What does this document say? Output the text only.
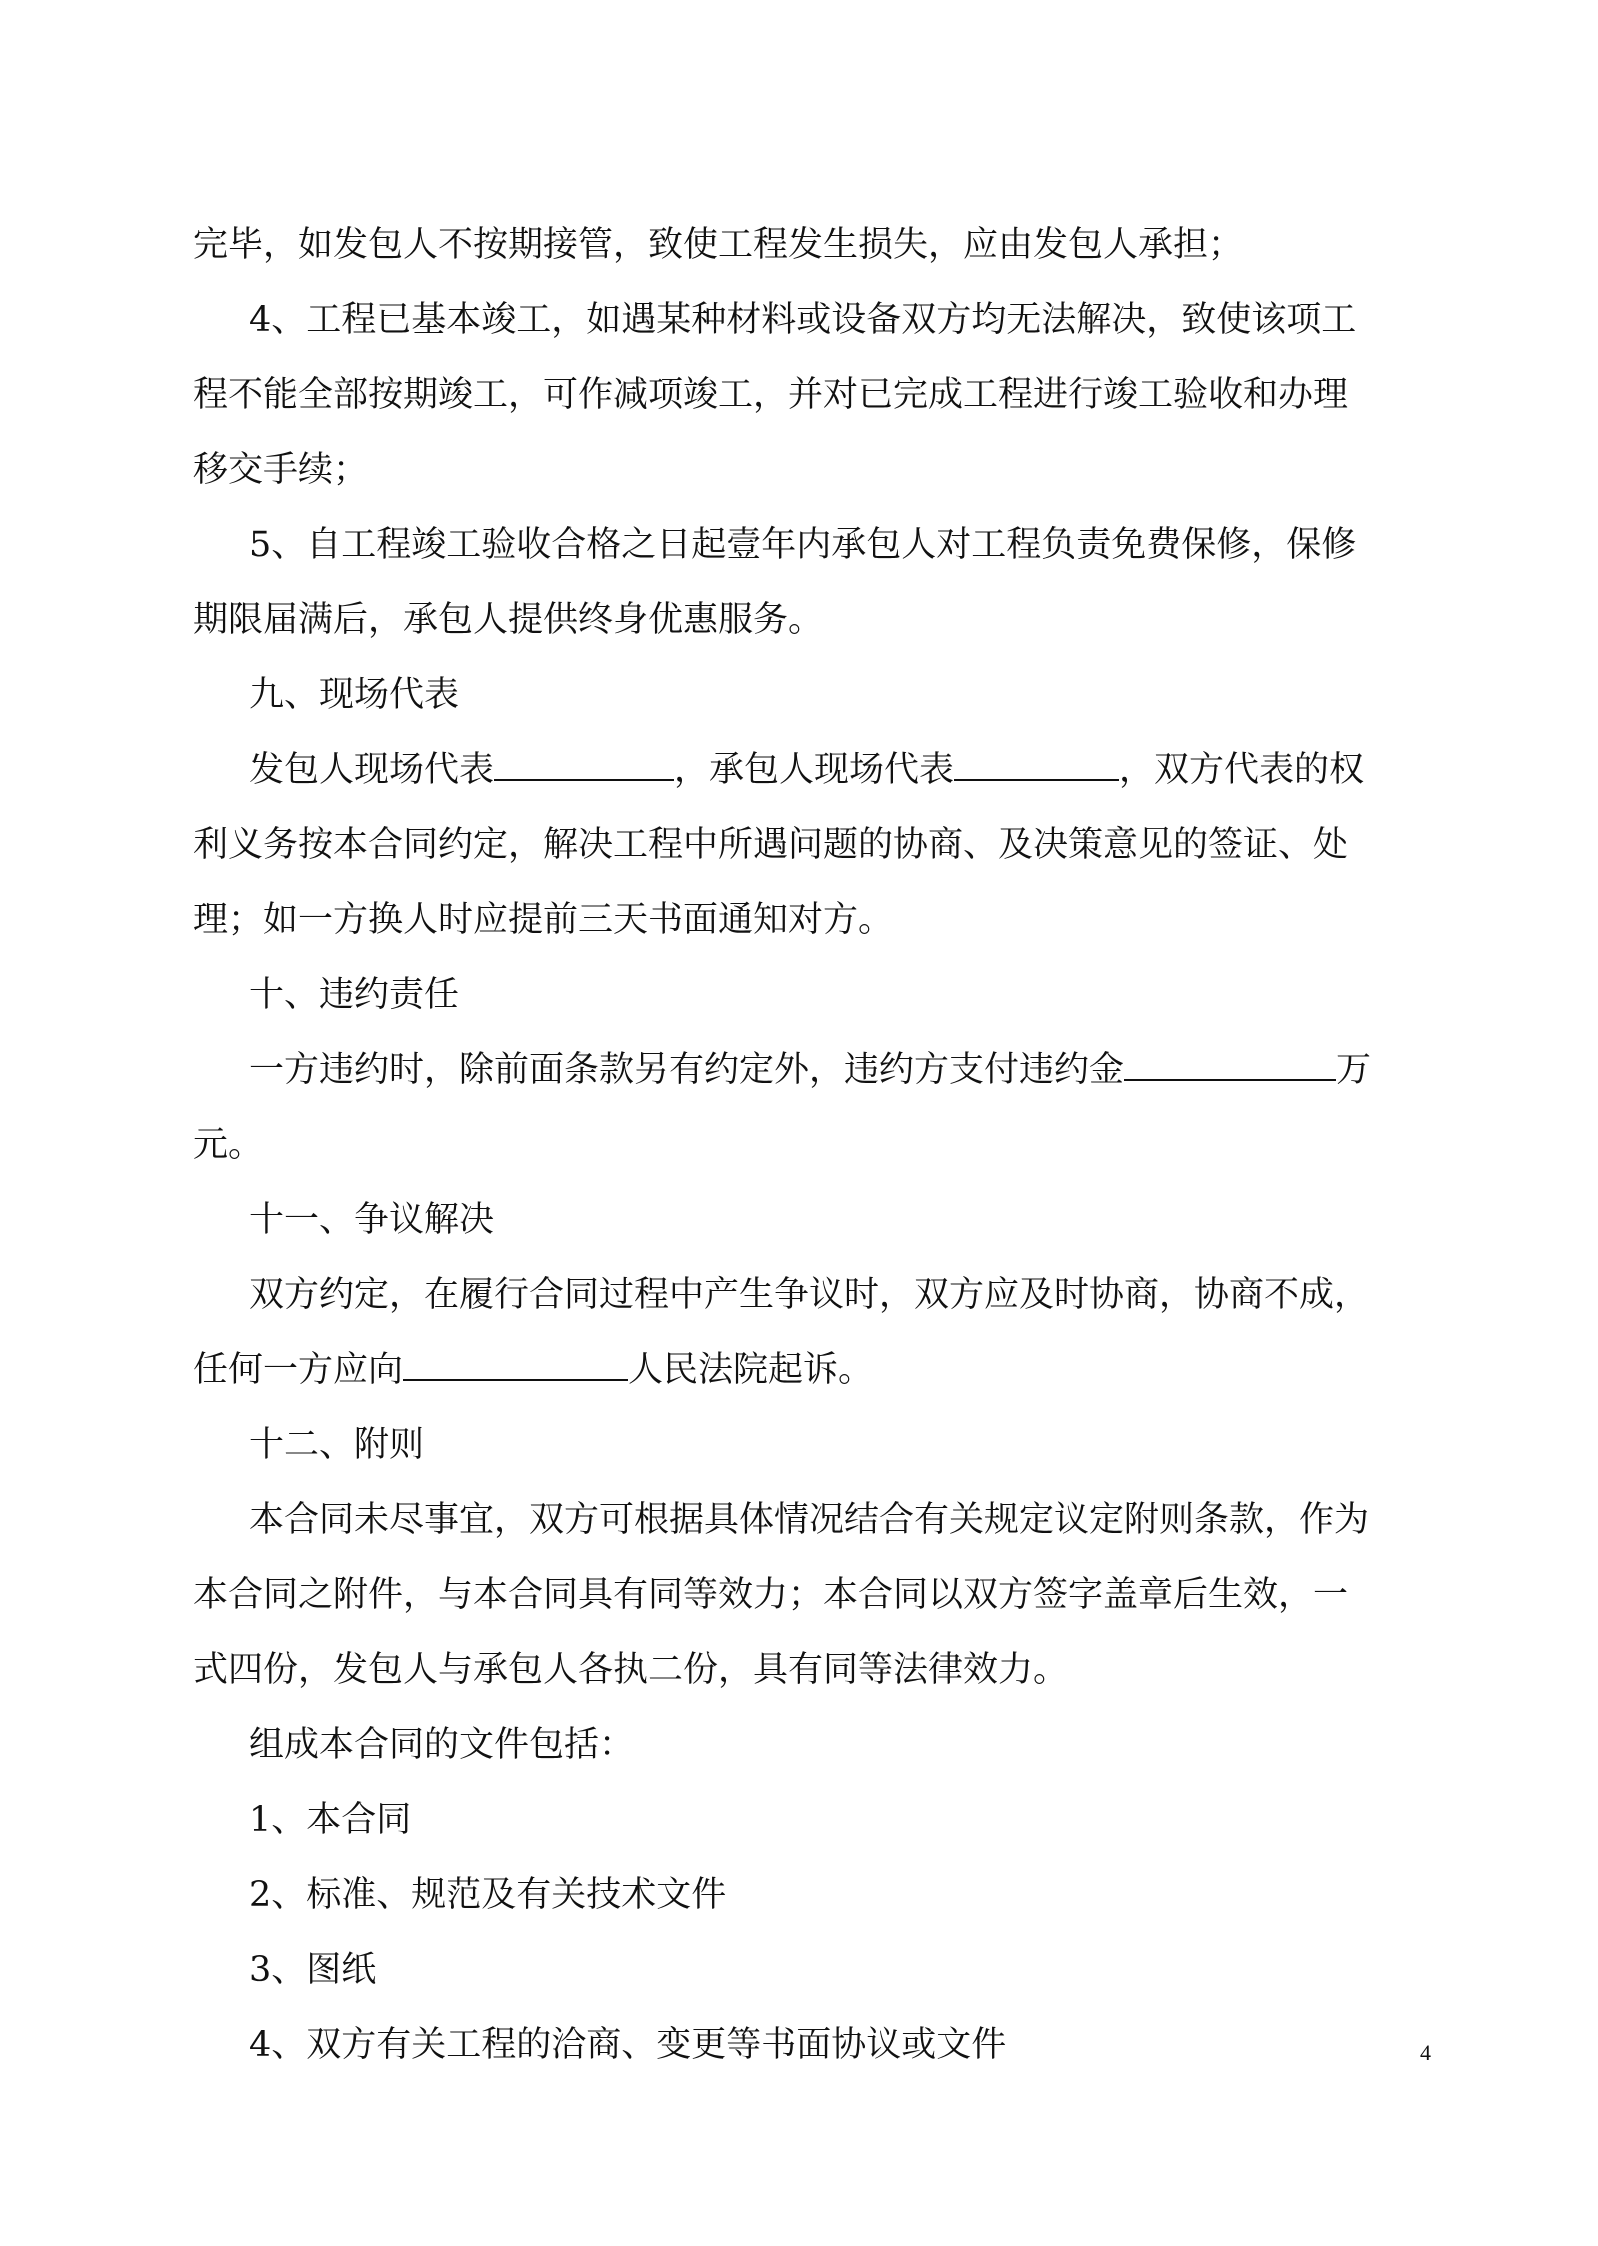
完毕，如发包人不按期接管，致使工程发生损失，应由发包人承担；
4、工程已基本竣工，如遇某种材料或设备双方均无法解决，致使该项工
程不能全部按期竣工，可作减项竣工，并对已完成工程进行竣工验收和办理
移交手续；
5、自工程竣工验收合格之日起壹年内承包人对工程负责免费保修，保修
期限届满后，承包人提供终身优惠服务。
九、现场代表
发包人现场代表	，承包人现场代表	，双方代表的权
利义务按本合同约定，解决工程中所遇问题的协商、及决策意见的签证、处
理；如一方换人时应提前三天书面通知对方。
十、违约责任
一方违约时，除前面条款另有约定外，违约方支付违约金	万
元。
十一、争议解决
双方约定，在履行合同过程中产生争议时，双方应及时协商，协商不成，
任何一方应向	人民法院起诉。
十二、附则
本合同未尽事宜，双方可根据具体情况结合有关规定议定附则条款，作为
本合同之附件，与本合同具有同等效力；本合同以双方签字盖章后生效，一
式四份，发包人与承包人各执二份，具有同等法律效力。
组成本合同的文件包括：
1、本合同
2、标准、规范及有关技术文件
3、图纸
4、双方有关工程的洽商、变更等书面协议或文件	4
